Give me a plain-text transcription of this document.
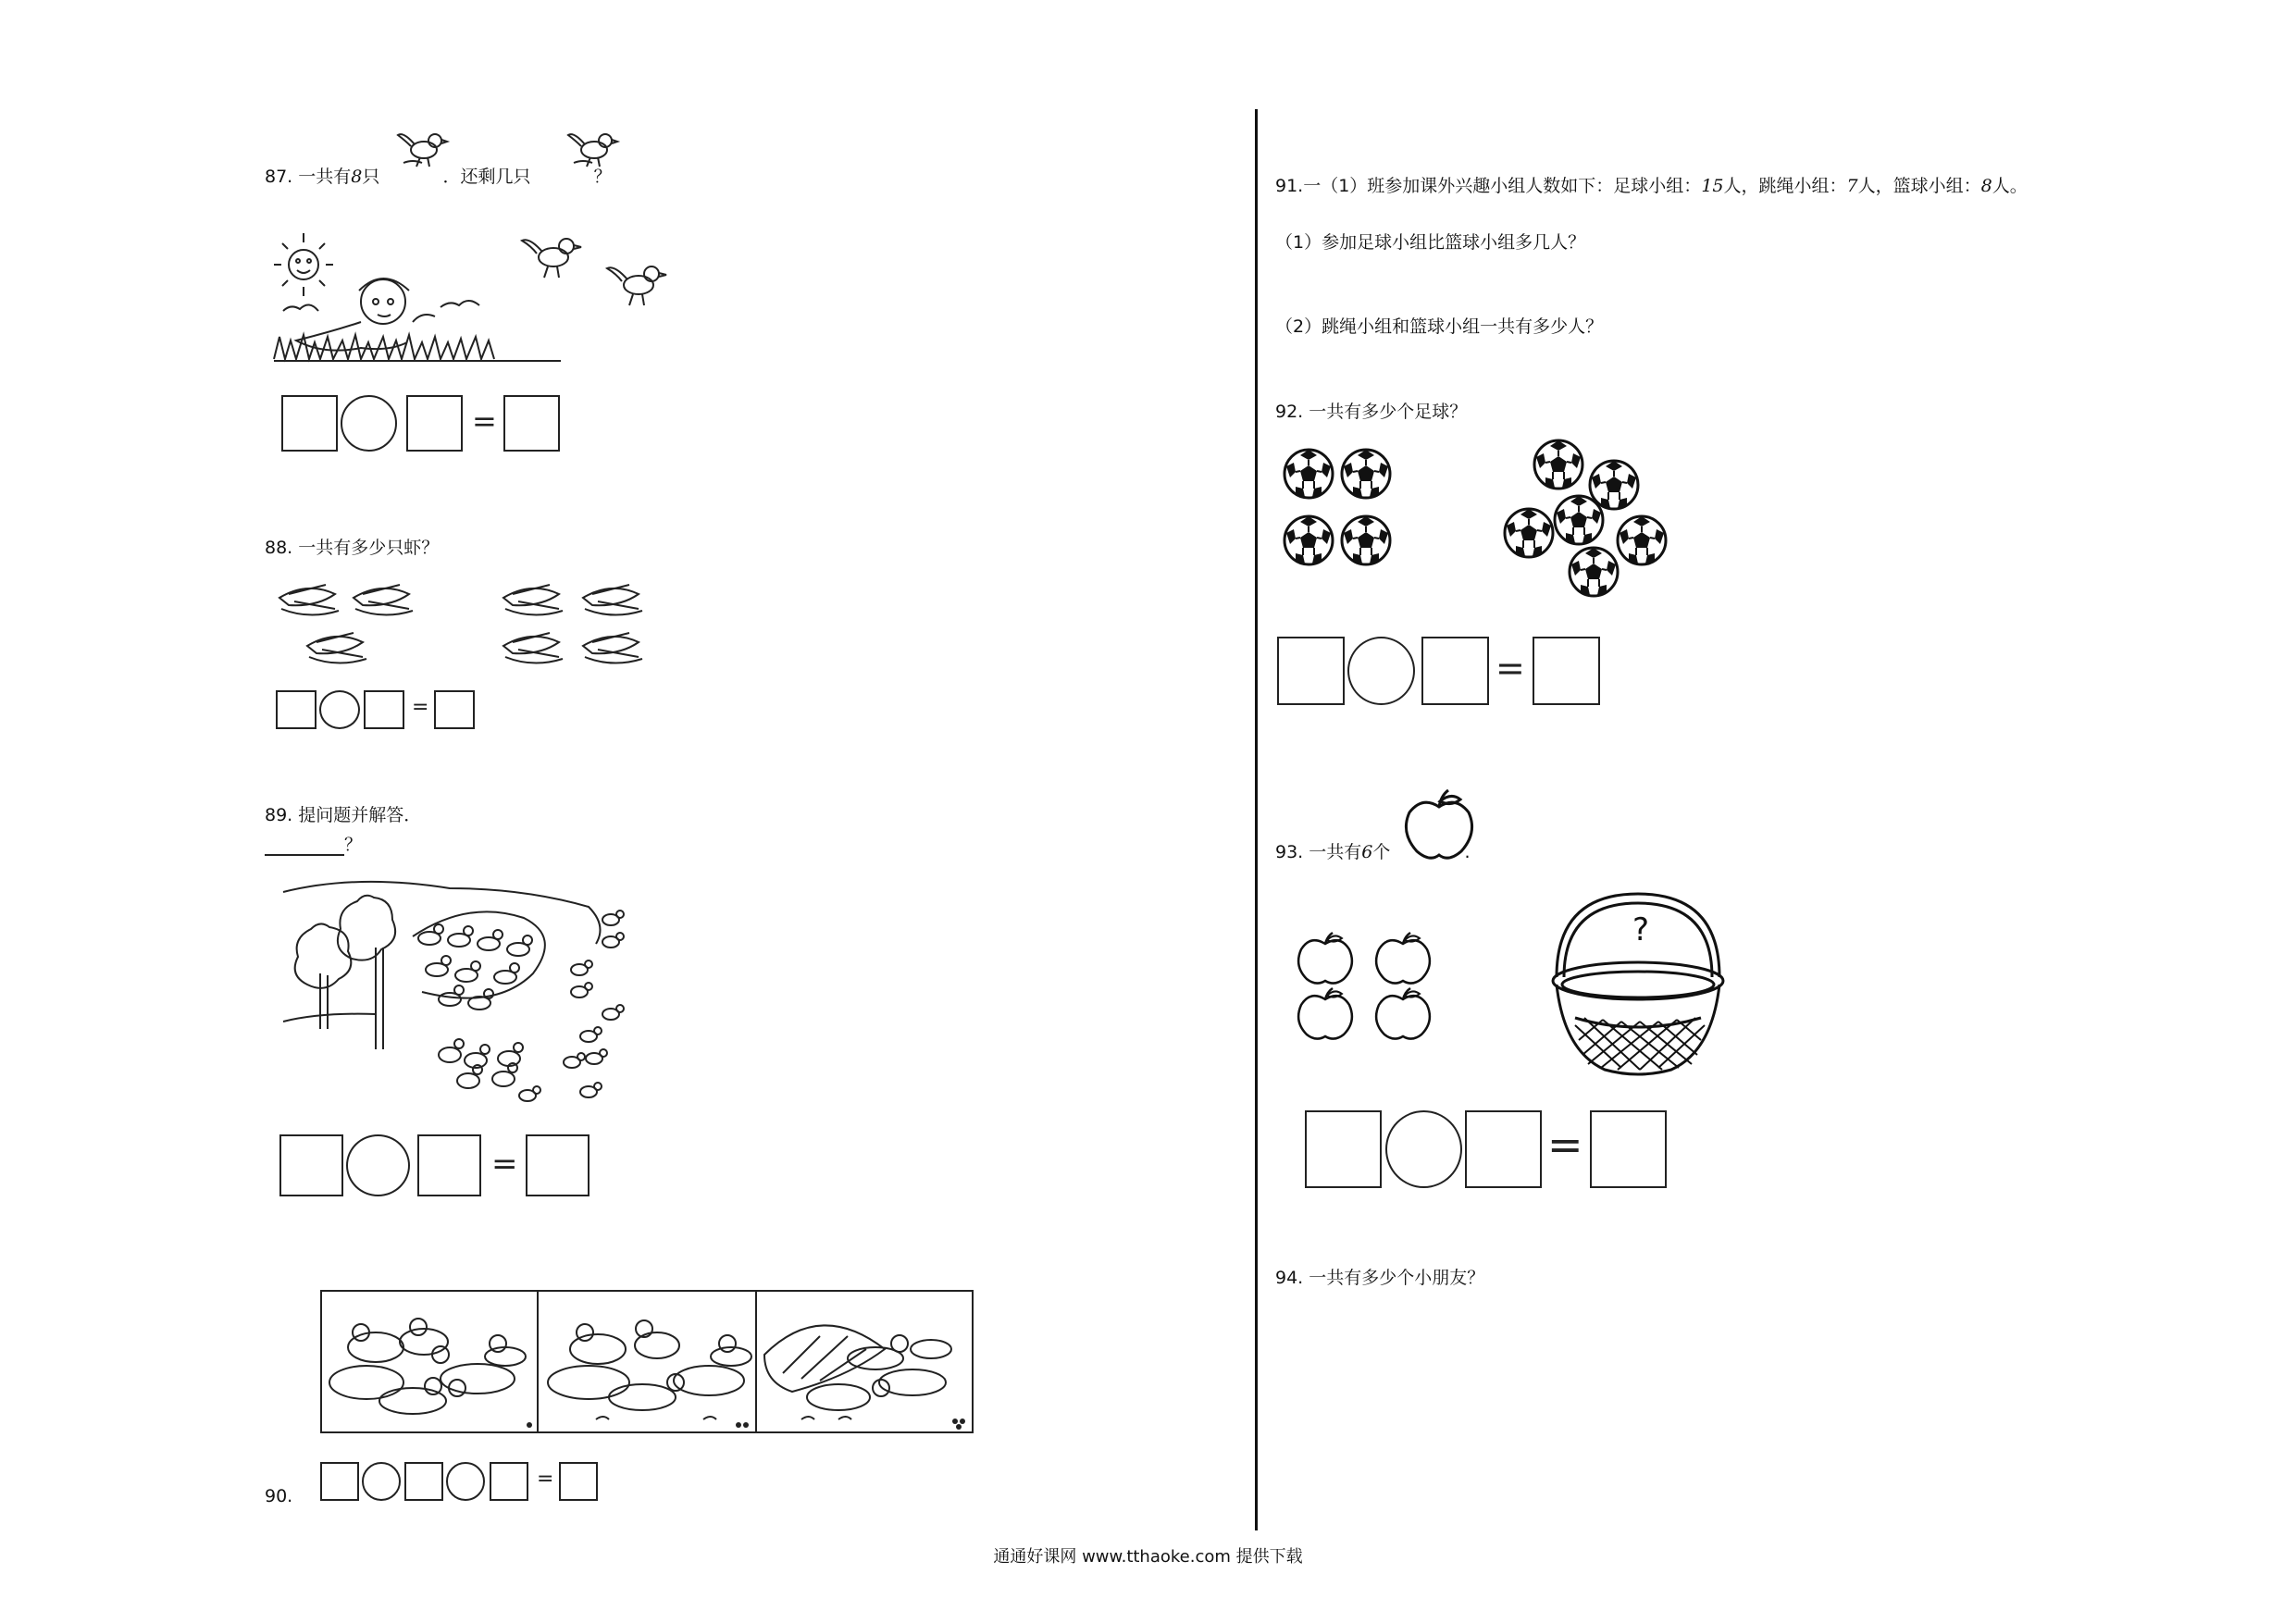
87. 一共有8只	．还剩几只	？
=
88. 一共有多少只虾？
=
89. 提问题并解答．
？
=
90.
=
91.一（1）班参加课外兴趣小组人数如下：足球小组：15人，跳绳小组：7人，篮球小组：8人。
（1）参加足球小组比篮球小组多几人？
（2）跳绳小组和篮球小组一共有多少人？
92. 一共有多少个足球？
=
93. 一共有6个	.
?
=
94. 一共有多少个小朋友？
通通好课网 www.tthaoke.com 提供下载
